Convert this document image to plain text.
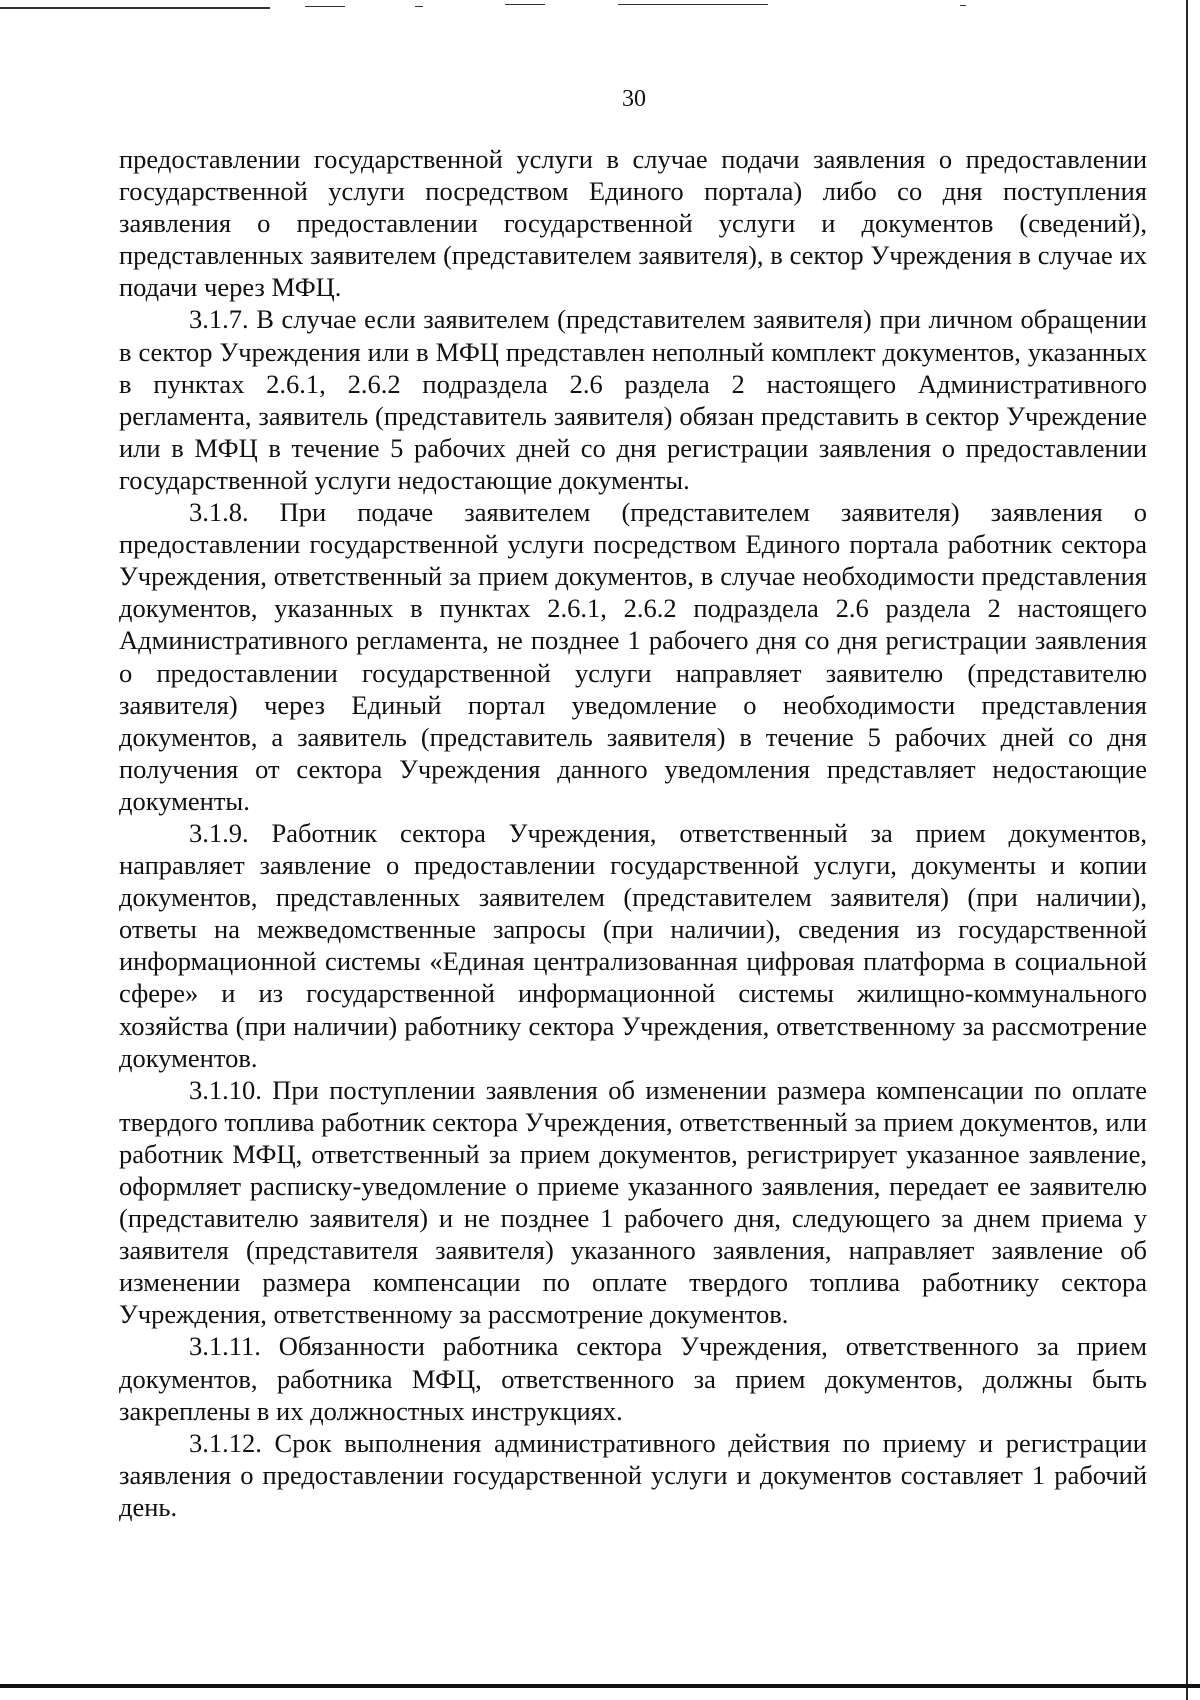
30

предоставлении государственной услуги в случае подачи заявления о предоставлении государственной услуги посредством Единого портала) либо со дня поступления заявления о предоставлении государственной услуги и документов (сведений), представленных заявителем (представителем заявителя), в сектор Учреждения в случае их подачи через МФЦ.

3.1.7. В случае если заявителем (представителем заявителя) при личном обращении в сектор Учреждения или в МФЦ представлен неполный комплект документов, указанных в пунктах 2.6.1, 2.6.2 подраздела 2.6 раздела 2 настоящего Административного регламента, заявитель (представитель заявителя) обязан представить в сектор Учреждение или в МФЦ в течение 5 рабочих дней со дня регистрации заявления о предоставлении государственной услуги недостающие документы.

3.1.8. При подаче заявителем (представителем заявителя) заявления о предоставлении государственной услуги посредством Единого портала работник сектора Учреждения, ответственный за прием документов, в случае необходимости представления документов, указанных в пунктах 2.6.1, 2.6.2 подраздела 2.6 раздела 2 настоящего Административного регламента, не позднее 1 рабочего дня со дня регистрации заявления о предоставлении государственной услуги направляет заявителю (представителю заявителя) через Единый портал уведомление о необходимости представления документов, а заявитель (представитель заявителя) в течение 5 рабочих дней со дня получения от сектора Учреждения данного уведомления представляет недостающие документы.

3.1.9. Работник сектора Учреждения, ответственный за прием документов, направляет заявление о предоставлении государственной услуги, документы и копии документов, представленных заявителем (представителем заявителя) (при наличии), ответы на межведомственные запросы (при наличии), сведения из государственной информационной системы «Единая централизованная цифровая платформа в социальной сфере» и из государственной информационной системы жилищно-коммунального хозяйства (при наличии) работнику сектора Учреждения, ответственному за рассмотрение документов.

3.1.10. При поступлении заявления об изменении размера компенсации по оплате твердого топлива работник сектора Учреждения, ответственный за прием документов, или работник МФЦ, ответственный за прием документов, регистрирует указанное заявление, оформляет расписку-уведомление о приеме указанного заявления, передает ее заявителю (представителю заявителя) и не позднее 1 рабочего дня, следующего за днем приема у заявителя (представителя заявителя) указанного заявления, направляет заявление об изменении размера компенсации по оплате твердого топлива работнику сектора Учреждения, ответственному за рассмотрение документов.

3.1.11. Обязанности работника сектора Учреждения, ответственного за прием документов, работника МФЦ, ответственного за прием документов, должны быть закреплены в их должностных инструкциях.

3.1.12. Срок выполнения административного действия по приему и регистрации заявления о предоставлении государственной услуги и документов составляет 1 рабочий день.
